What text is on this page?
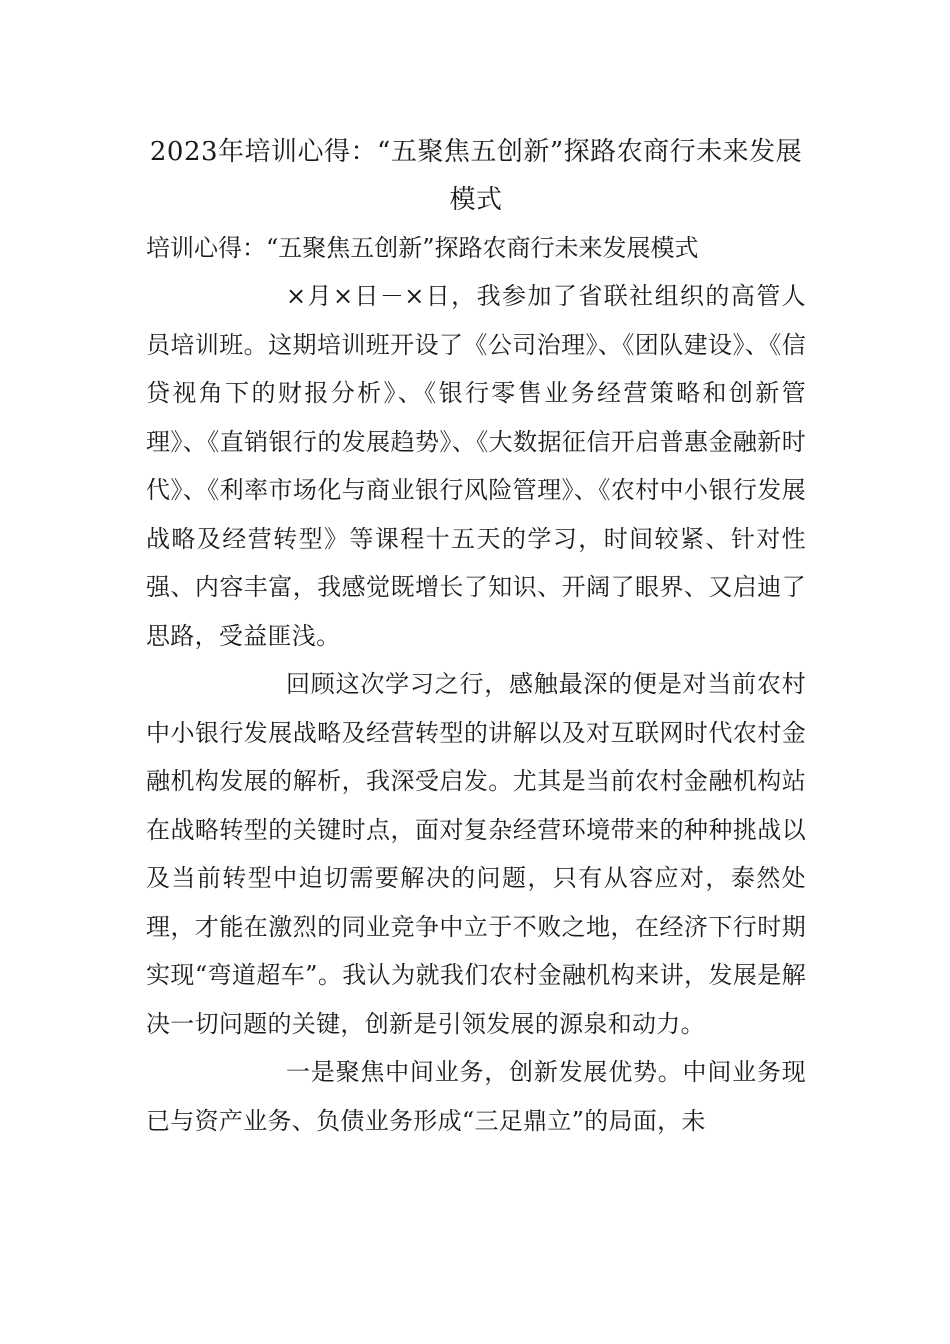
2023年培训心得：“五聚焦五创新”探路农商行未来发展模式
培训心得：“五聚焦五创新”探路农商行未来发展模式

×月×日－×日，我参加了省联社组织的高管人员培训班。这期培训班开设了《公司治理》、《团队建设》、《信贷视角下的财报分析》、《银行零售业务经营策略和创新管理》、《直销银行的发展趋势》、《大数据征信开启普惠金融新时代》、《利率市场化与商业银行风险管理》、《农村中小银行发展战略及经营转型》等课程十五天的学习，时间较紧、针对性强、内容丰富，我感觉既增长了知识、开阔了眼界、又启迪了思路，受益匪浅。

回顾这次学习之行，感触最深的便是对当前农村中小银行发展战略及经营转型的讲解以及对互联网时代农村金融机构发展的解析，我深受启发。尤其是当前农村金融机构站在战略转型的关键时点，面对复杂经营环境带来的种种挑战以及当前转型中迫切需要解决的问题，只有从容应对，泰然处理，才能在激烈的同业竞争中立于不败之地，在经济下行时期实现“弯道超车”。我认为就我们农村金融机构来讲，发展是解决一切问题的关键，创新是引领发展的源泉和动力。

一是聚焦中间业务，创新发展优势。中间业务现已与资产业务、负债业务形成“三足鼎立”的局面，未
